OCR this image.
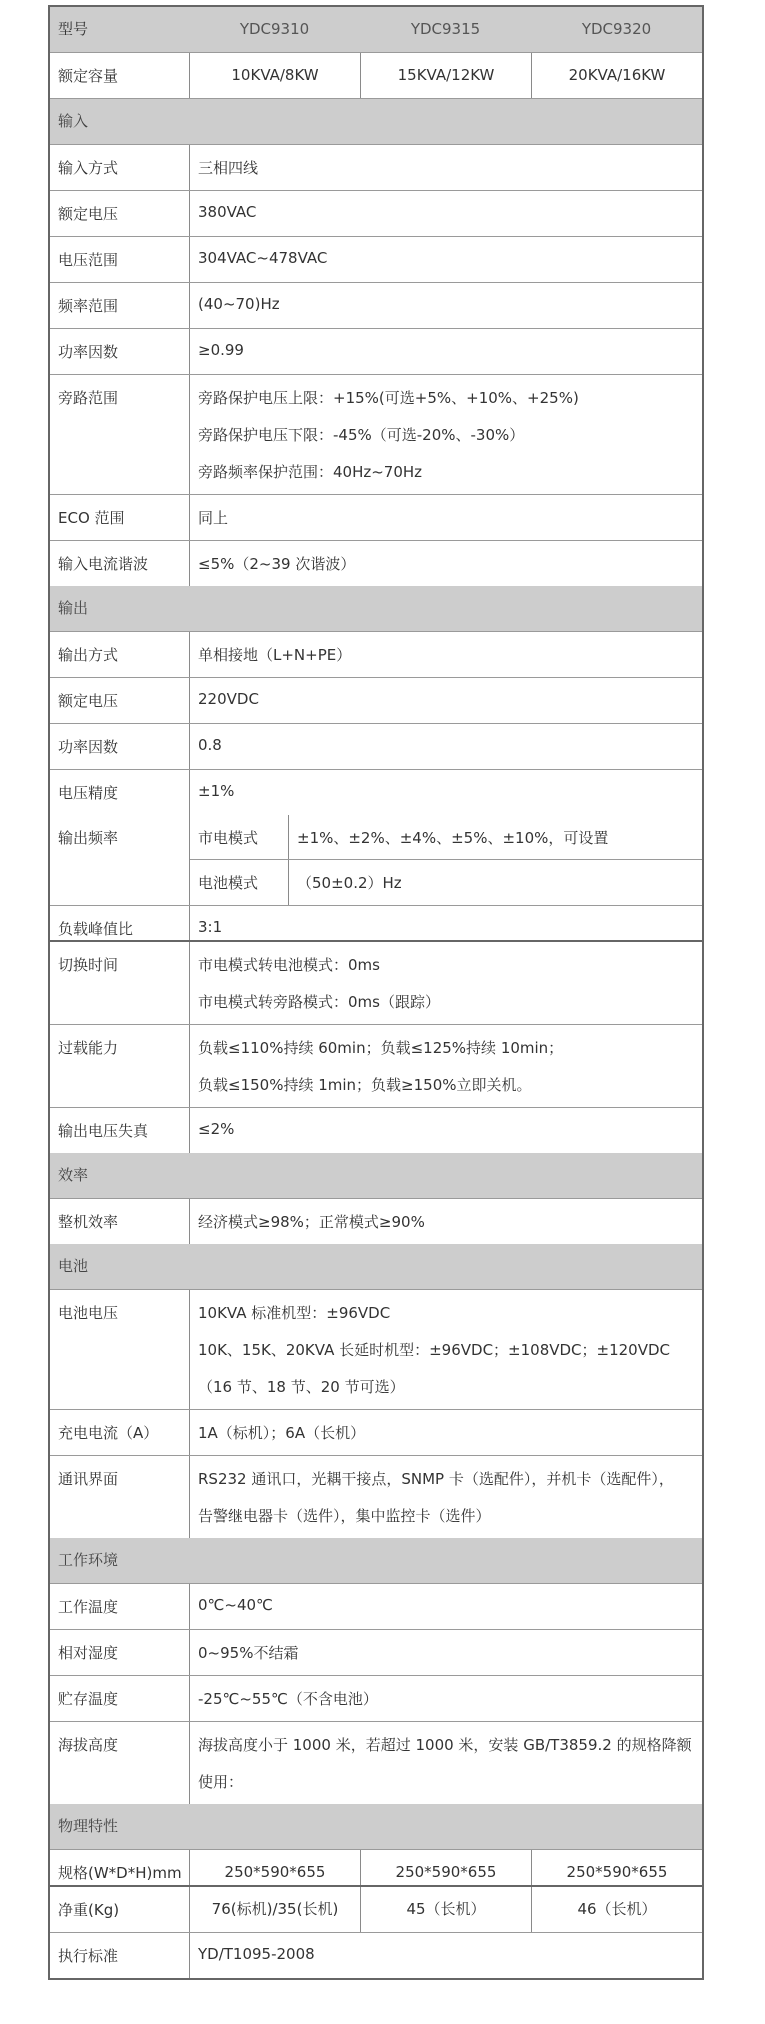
型号	YDC9310	YDC9315	YDC9320
额定容量	10KVA/8KW	15KVA/12KW	20KVA/16KW
输入
输入方式	三相四线
额定电压	380VAC
电压范围	304VAC~478VAC
频率范围	(40~70)Hz
功率因数	≥0.99
旁路范围	旁路保护电压上限：+15%(可选+5%、+10%、+25%)
旁路保护电压下限：-45%（可选-20%、-30%）
旁路频率保护范围：40Hz~70Hz
ECO 范围	同上
输入电流谐波	≤5%（2~39 次谐波）
输出
输出方式	单相接地（L+N+PE）
额定电压	220VDC
功率因数	0.8
电压精度	±1%
输出频率	市电模式	±1%、±2%、±4%、±5%、±10%，可设置
电池模式	（50±0.2）Hz
负载峰值比	3:1
切换时间	市电模式转电池模式：0ms
市电模式转旁路模式：0ms（跟踪）
过载能力	负载≤110%持续 60min；负载≤125%持续 10min；
负载≤150%持续 1min；负载≥150%立即关机。
输出电压失真	≤2%
效率
整机效率	经济模式≥98%；正常模式≥90%
电池
电池电压	10KVA 标准机型：±96VDC
10K、15K、20KVA 长延时机型：±96VDC；±108VDC；±120VDC
（16 节、18 节、20 节可选）
充电电流（A）	1A（标机）；6A（长机）
通讯界面	RS232 通讯口，光耦干接点，SNMP 卡（选配件），并机卡（选配件），
告警继电器卡（选件），集中监控卡（选件）
工作环境
工作温度	0℃~40℃
相对湿度	0~95%不结霜
贮存温度	-25℃~55℃（不含电池）
海拔高度	海拔高度小于 1000 米，若超过 1000 米，安装 GB/T3859.2 的规格降额
使用：
物理特性
规格(W*D*H)mm	250*590*655	250*590*655	250*590*655
净重(Kg)	76(标机)/35(长机)	45（长机）	46（长机）
执行标准	YD/T1095-2008
